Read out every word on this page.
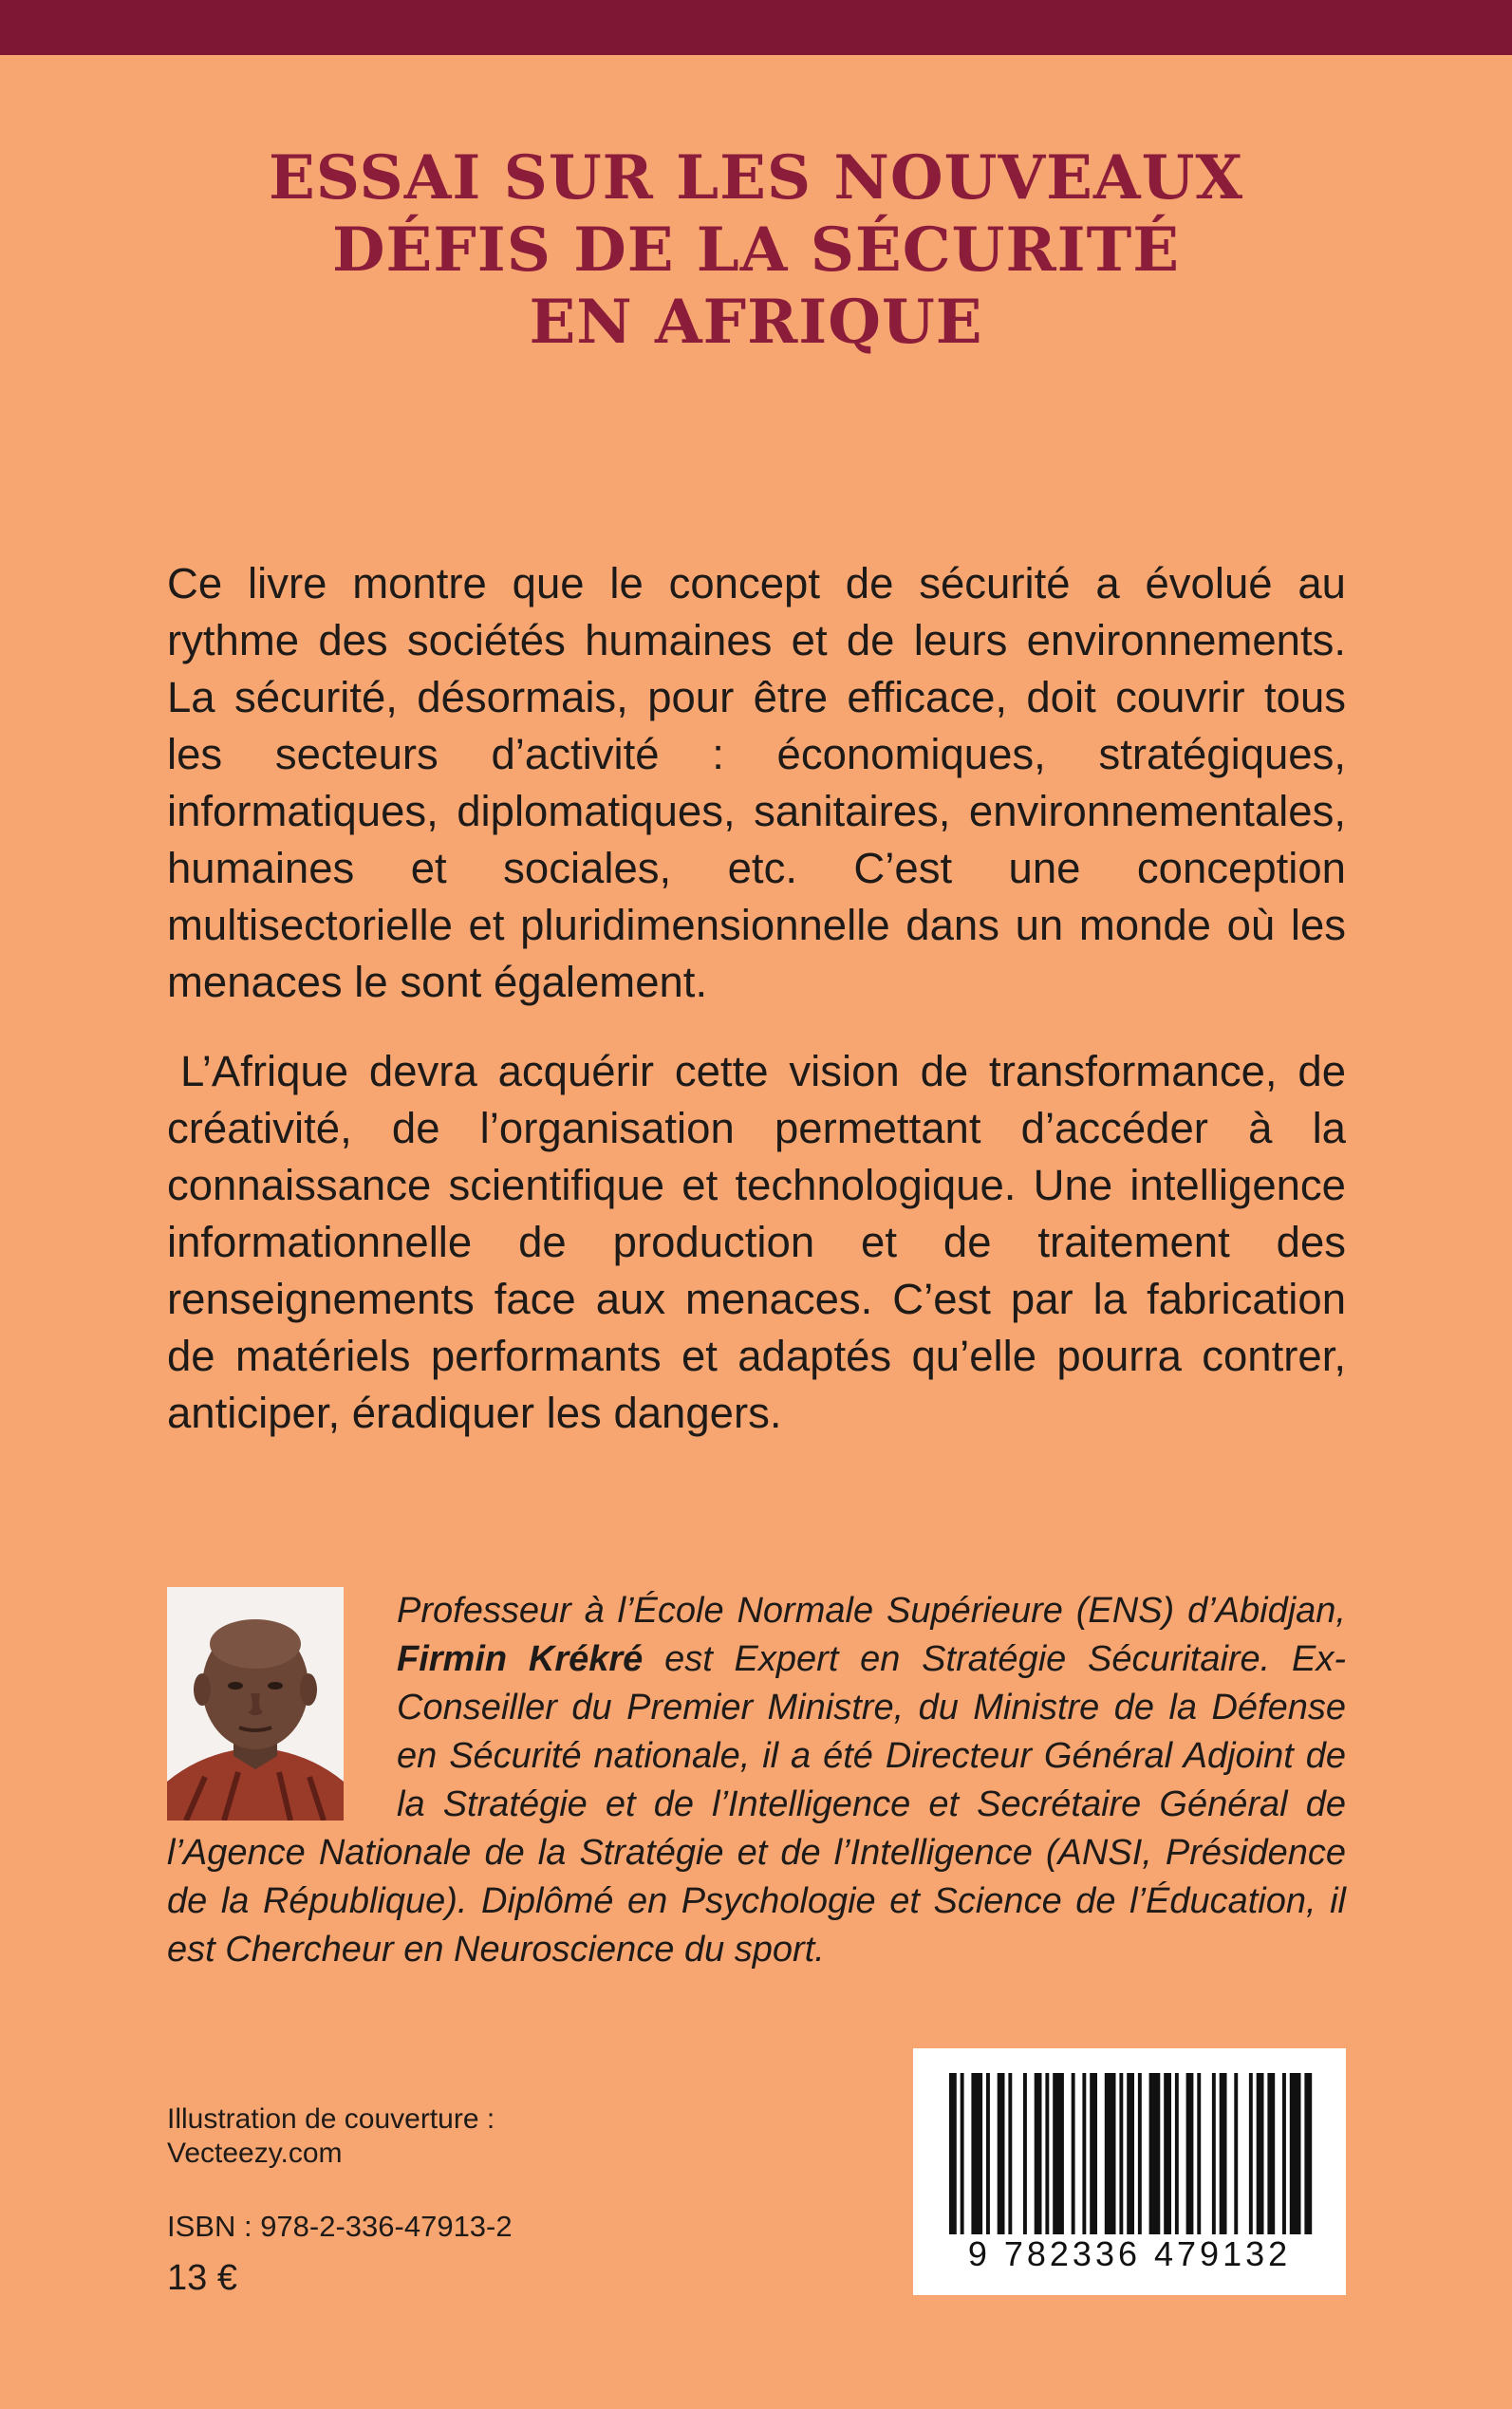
ESSAI SUR LES NOUVEAUX
DÉFIS DE LA SÉCURITÉ
EN AFRIQUE

Ce livre montre que le concept de sécurité a évolué au rythme des sociétés humaines et de leurs environnements. La sécurité, désormais, pour être efficace, doit couvrir tous les secteurs d’activité : économiques, stratégiques, informatiques, diplomatiques, sanitaires, environnementales, humaines et sociales, etc. C’est une conception multisectorielle et pluridimensionnelle dans un monde où les menaces le sont également.

L’Afrique devra acquérir cette vision de transformance, de créativité, de l’organisation permettant d’accéder à la connaissance scientifique et technologique. Une intelligence informationnelle de production et de traitement des renseignements face aux menaces. C’est par la fabrication de matériels performants et adaptés qu’elle pourra contrer, anticiper, éradiquer les dangers.

Professeur à l’École Normale Supérieure (ENS) d’Abidjan, Firmin Krékré est Expert en Stratégie Sécuritaire. Ex-Conseiller du Premier Ministre, du Ministre de la Défense en Sécurité nationale, il a été Directeur Général Adjoint de la Stratégie et de l’Intelligence et Secrétaire Général de l’Agence Nationale de la Stratégie et de l’Intelligence (ANSI, Présidence de la République). Diplômé en Psychologie et Science de l’Éducation, il est Chercheur en Neuroscience du sport.
Illustration de couverture :
Vecteezy.com
ISBN : 978-2-336-47913-2
13 €
9 782336 479132
